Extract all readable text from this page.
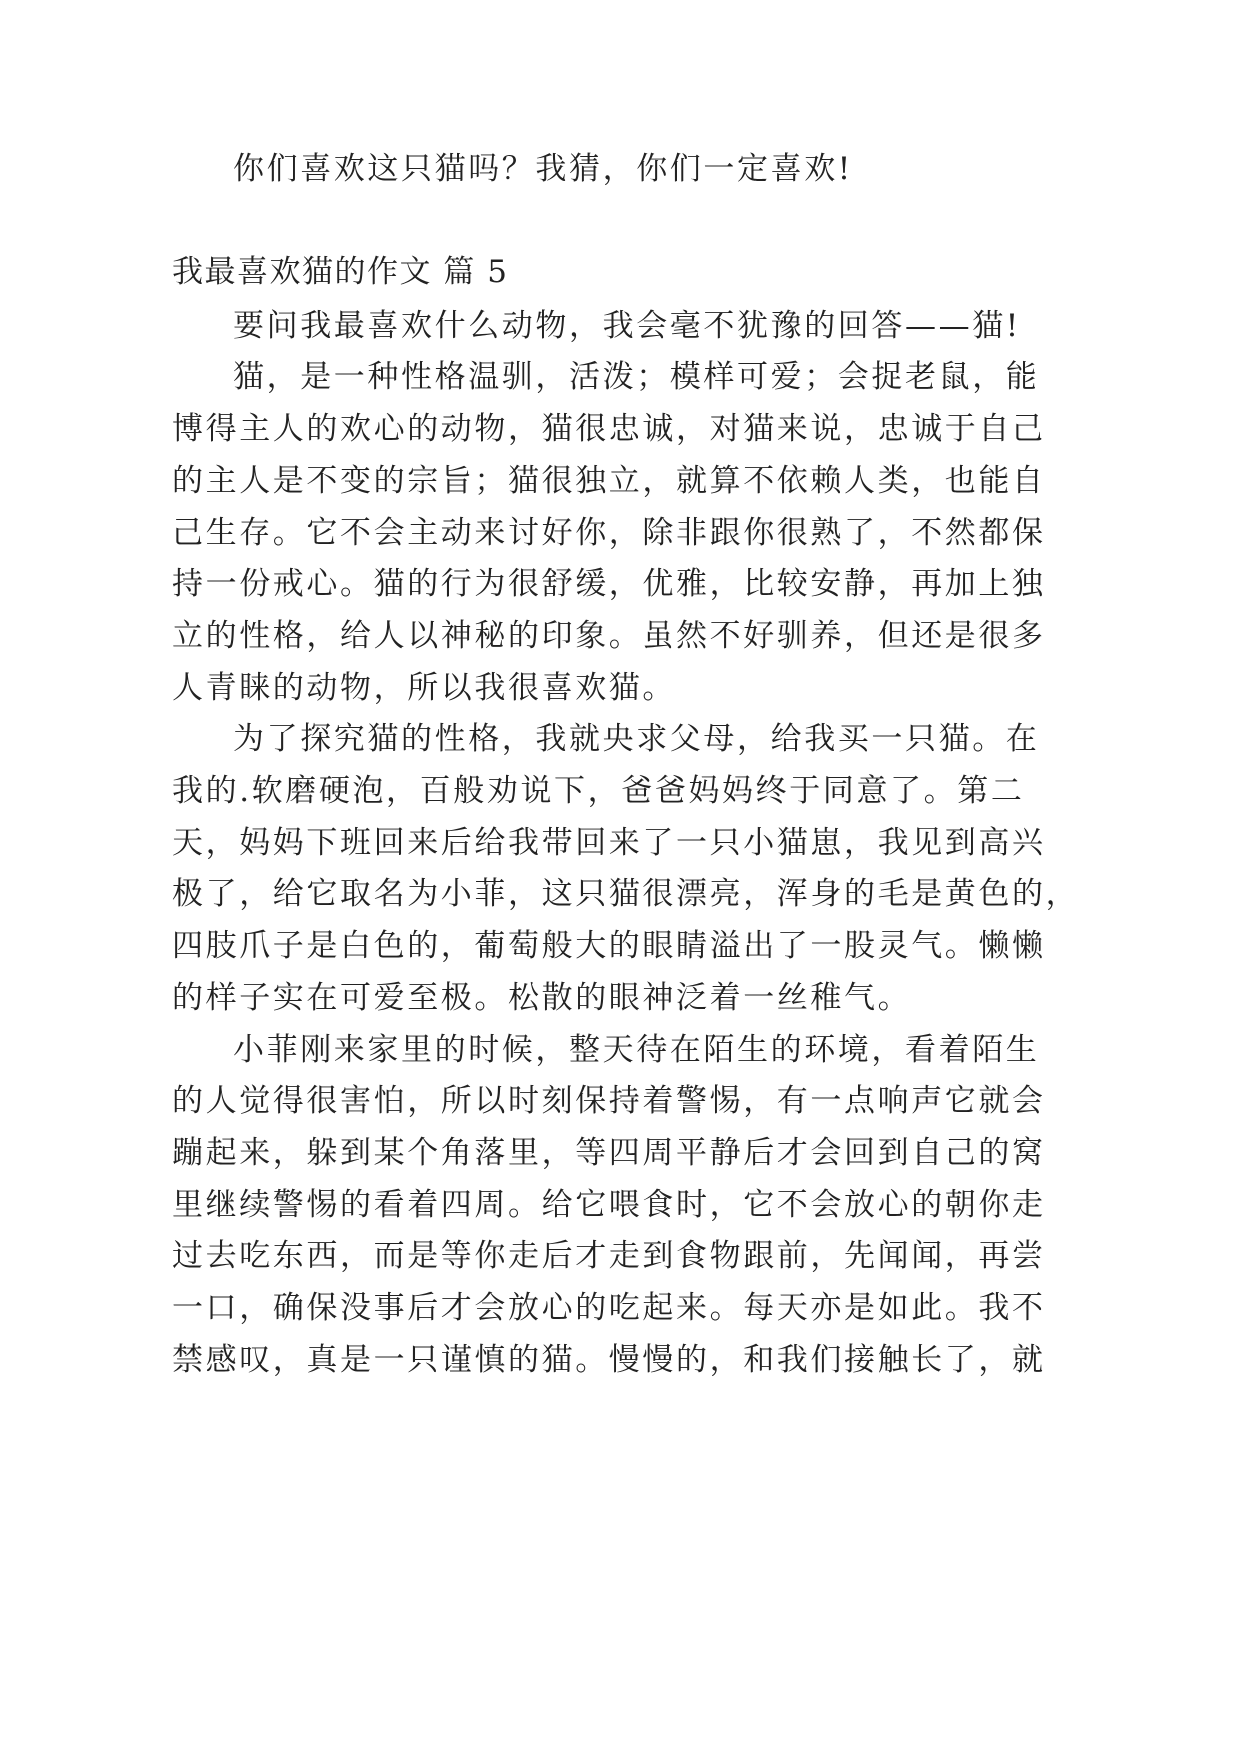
你们喜欢这只猫吗？我猜，你们一定喜欢!
我最喜欢猫的作文 篇 5
要问我最喜欢什么动物，我会毫不犹豫的回答——猫!
猫，是一种性格温驯，活泼；模样可爱；会捉老鼠，能
博得主人的欢心的动物，猫很忠诚，对猫来说，忠诚于自己
的主人是不变的宗旨；猫很独立，就算不依赖人类，也能自
己生存。它不会主动来讨好你，除非跟你很熟了，不然都保
持一份戒心。猫的行为很舒缓，优雅，比较安静，再加上独
立的性格，给人以神秘的印象。虽然不好驯养，但还是很多
人青睐的动物，所以我很喜欢猫。
为了探究猫的性格，我就央求父母，给我买一只猫。在
我的.软磨硬泡，百般劝说下，爸爸妈妈终于同意了。第二
天，妈妈下班回来后给我带回来了一只小猫崽，我见到高兴
极了，给它取名为小菲，这只猫很漂亮，浑身的毛是黄色的，
四肢爪子是白色的，葡萄般大的眼睛溢出了一股灵气。懒懒
的样子实在可爱至极。松散的眼神泛着一丝稚气。
小菲刚来家里的时候，整天待在陌生的环境，看着陌生
的人觉得很害怕，所以时刻保持着警惕，有一点响声它就会
蹦起来，躲到某个角落里，等四周平静后才会回到自己的窝
里继续警惕的看着四周。给它喂食时，它不会放心的朝你走
过去吃东西，而是等你走后才走到食物跟前，先闻闻，再尝
一口，确保没事后才会放心的吃起来。每天亦是如此。我不
禁感叹，真是一只谨慎的猫。慢慢的，和我们接触长了，就
